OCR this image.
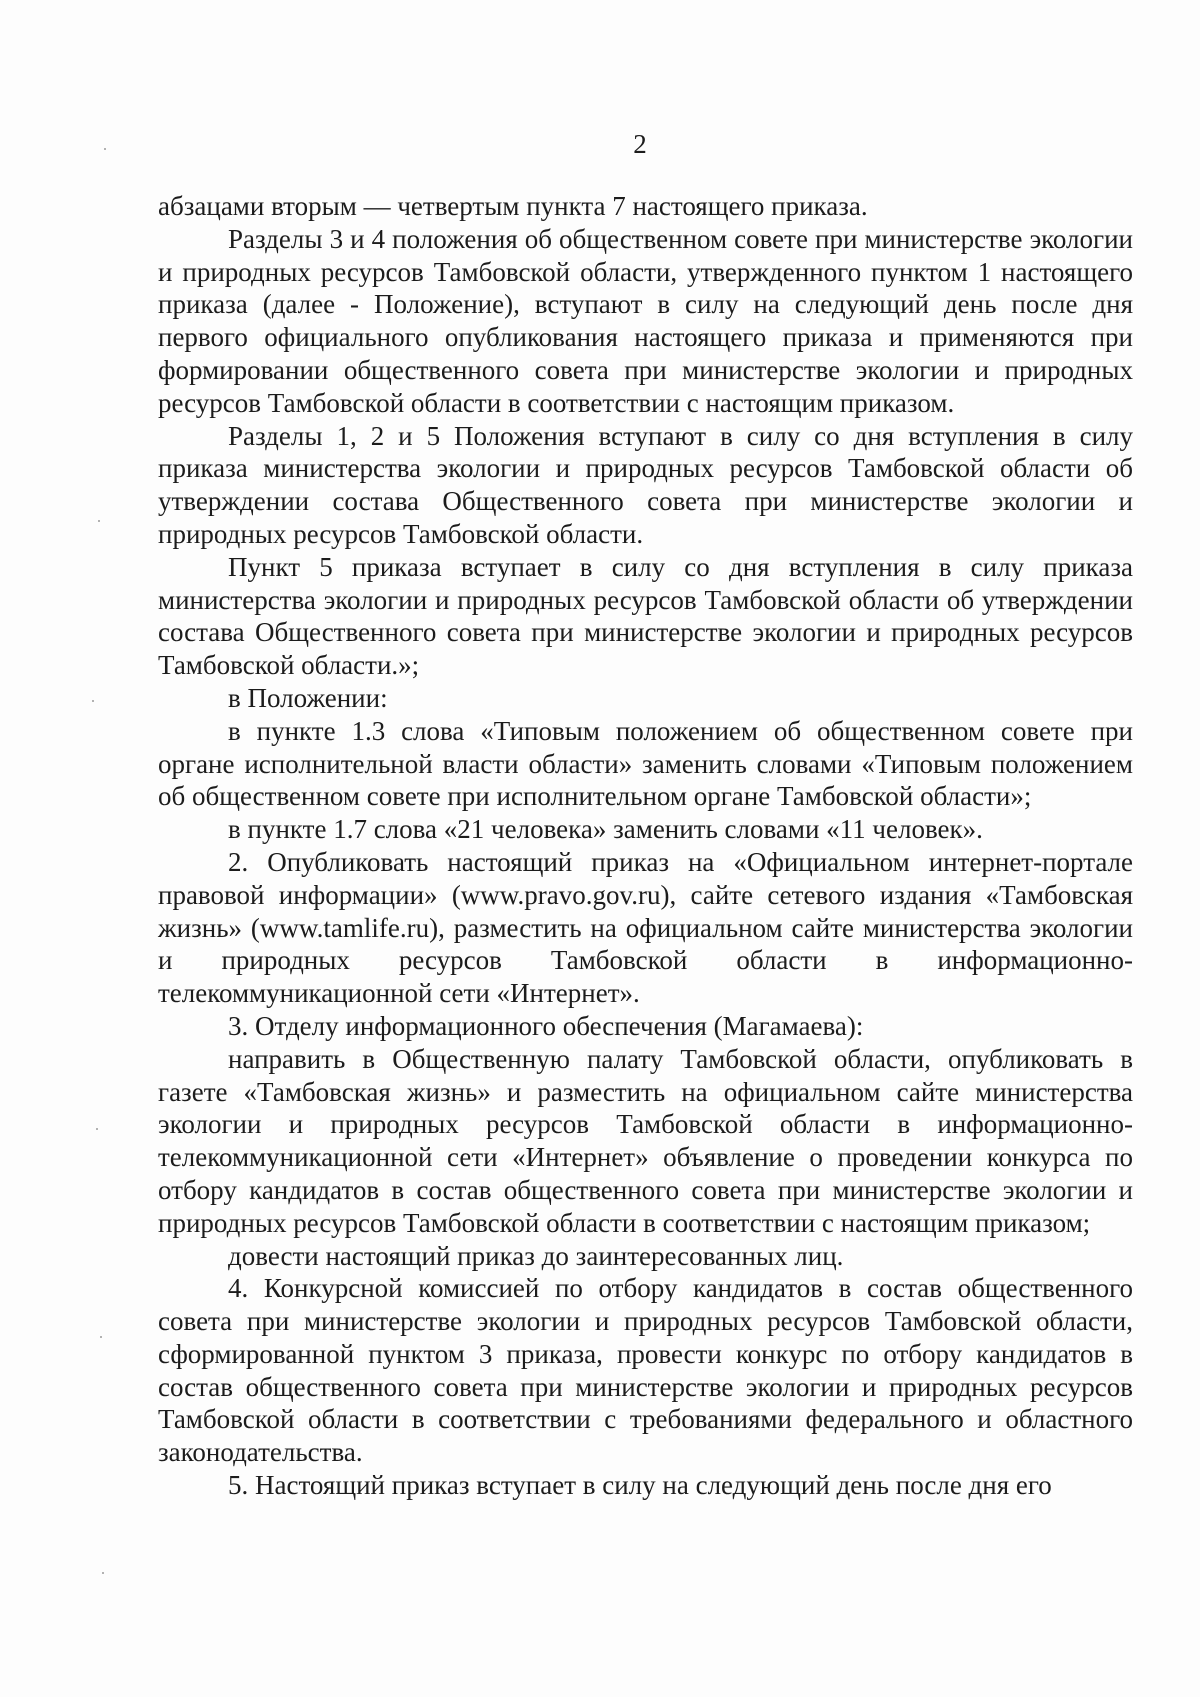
2

абзацами вторым — четвертым пункта 7 настоящего приказа.

Разделы 3 и 4 положения об общественном совете при министерстве экологии и природных ресурсов Тамбовской области, утвержденного пунктом 1 настоящего приказа (далее - Положение), вступают в силу на следующий день после дня первого официального опубликования настоящего приказа и применяются при формировании общественного совета при министерстве экологии и природных ресурсов Тамбовской области в соответствии с настоящим приказом.

Разделы 1, 2 и 5 Положения вступают в силу со дня вступления в силу приказа министерства экологии и природных ресурсов Тамбовской области об утверждении состава Общественного совета при министерстве экологии и природных ресурсов Тамбовской области.

Пункт 5 приказа вступает в силу со дня вступления в силу приказа министерства экологии и природных ресурсов Тамбовской области об утверждении состава Общественного совета при министерстве экологии и природных ресурсов Тамбовской области.»;

в Положении:

в пункте 1.3 слова «Типовым положением об общественном совете при органе исполнительной власти области» заменить словами «Типовым положением об общественном совете при исполнительном органе Тамбовской области»;

в пункте 1.7 слова «21 человека» заменить словами «11 человек».

2. Опубликовать настоящий приказ на «Официальном интернет-портале правовой информации» (www.pravo.gov.ru), сайте сетевого издания «Тамбовская жизнь» (www.tamlife.ru), разместить на официальном сайте министерства экологии и природных ресурсов Тамбовской области в информационно-телекоммуникационной сети «Интернет».

3. Отделу информационного обеспечения (Магамаева):

направить в Общественную палату Тамбовской области, опубликовать в газете «Тамбовская жизнь» и разместить на официальном сайте министерства экологии и природных ресурсов Тамбовской области в информационно-телекоммуникационной сети «Интернет» объявление о проведении конкурса по отбору кандидатов в состав общественного совета при министерстве экологии и природных ресурсов Тамбовской области в соответствии с настоящим приказом;

довести настоящий приказ до заинтересованных лиц.

4. Конкурсной комиссией по отбору кандидатов в состав общественного совета при министерстве экологии и природных ресурсов Тамбовской области, сформированной пунктом 3 приказа, провести конкурс по отбору кандидатов в состав общественного совета при министерстве экологии и природных ресурсов Тамбовской области в соответствии с требованиями федерального и областного законодательства.

5. Настоящий приказ вступает в силу на следующий день после дня его
